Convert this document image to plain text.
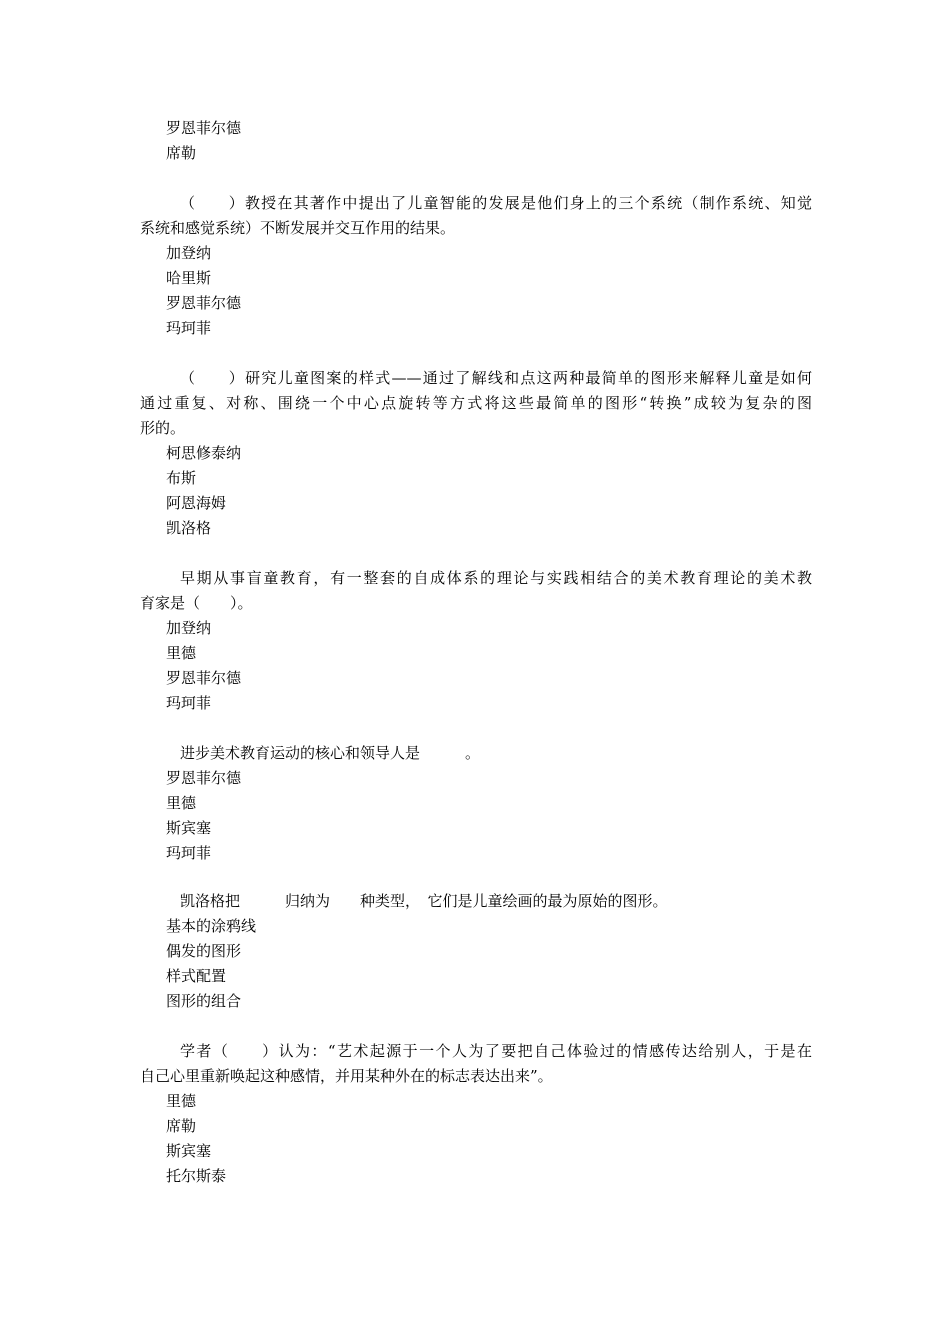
罗恩菲尔德
席勒
（　　）教授在其著作中提出了儿童智能的发展是他们身上的三个系统（制作系统、知觉
系统和感觉系统）不断发展并交互作用的结果。
加登纳
哈里斯
罗恩菲尔德
玛珂菲
（　　）研究儿童图案的样式——通过了解线和点这两种最简单的图形来解释儿童是如何
通过重复、对称、围绕一个中心点旋转等方式将这些最简单的图形“转换”成较为复杂的图
形的。
柯思修泰纳
布斯
阿恩海姆
凯洛格
早期从事盲童教育，有一整套的自成体系的理论与实践相结合的美术教育理论的美术教
育家是（　　）。
加登纳
里德
罗恩菲尔德
玛珂菲
进步美术教育运动的核心和领导人是　　　。
罗恩菲尔德
里德
斯宾塞
玛珂菲
凯洛格把　　　归纳为　　种类型，　它们是儿童绘画的最为原始的图形。
基本的涂鸦线
偶发的图形
样式配置
图形的组合
学者（　　）认为：“艺术起源于一个人为了要把自己体验过的情感传达给别人，于是在
自己心里重新唤起这种感情，并用某种外在的标志表达出来”。
里德
席勒
斯宾塞
托尔斯泰
